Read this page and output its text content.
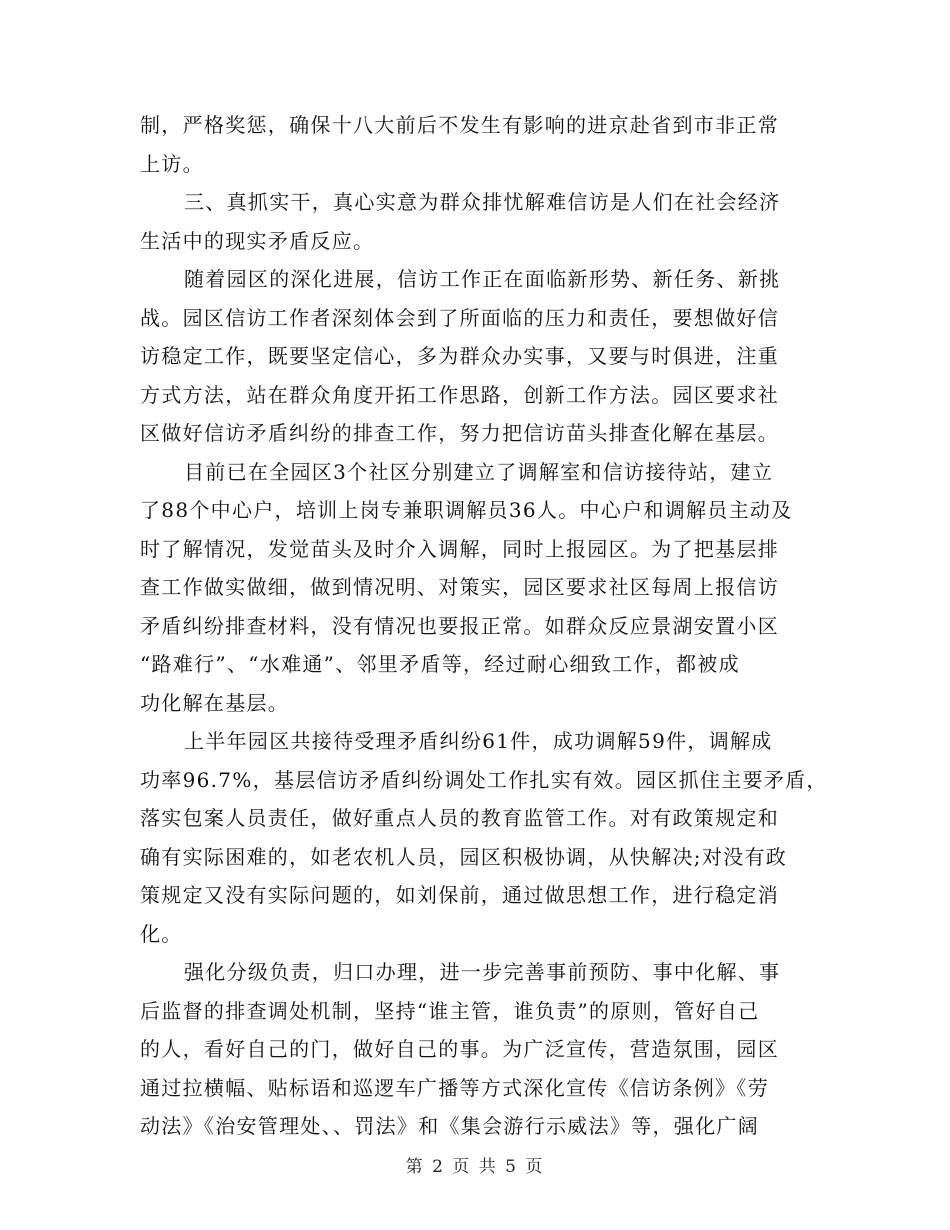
制，严格奖惩，确保十八大前后不发生有影响的进京赴省到市非正常
上访。
三、真抓实干，真心实意为群众排忧解难信访是人们在社会经济
生活中的现实矛盾反应。
随着园区的深化进展，信访工作正在面临新形势、新任务、新挑
战。园区信访工作者深刻体会到了所面临的压力和责任，要想做好信
访稳定工作，既要坚定信心，多为群众办实事，又要与时俱进，注重
方式方法，站在群众角度开拓工作思路，创新工作方法。园区要求社
区做好信访矛盾纠纷的排查工作，努力把信访苗头排查化解在基层。
目前已在全园区3个社区分别建立了调解室和信访接待站，建立
了88个中心户，培训上岗专兼职调解员36人。中心户和调解员主动及
时了解情况，发觉苗头及时介入调解，同时上报园区。为了把基层排
查工作做实做细，做到情况明、对策实，园区要求社区每周上报信访
矛盾纠纷排查材料，没有情况也要报正常。如群众反应景湖安置小区
“路难行”、“水难通”、邻里矛盾等，经过耐心细致工作，都被成
功化解在基层。
上半年园区共接待受理矛盾纠纷61件，成功调解59件，调解成
功率96.7%，基层信访矛盾纠纷调处工作扎实有效。园区抓住主要矛盾，
落实包案人员责任，做好重点人员的教育监管工作。对有政策规定和
确有实际困难的，如老农机人员，园区积极协调，从快解决;对没有政
策规定又没有实际问题的，如刘保前，通过做思想工作，进行稳定消
化。
强化分级负责，归口办理，进一步完善事前预防、事中化解、事
后监督的排查调处机制，坚持“谁主管，谁负责”的原则，管好自己
的人，看好自己的门，做好自己的事。为广泛宣传，营造氛围，园区
通过拉横幅、贴标语和巡逻车广播等方式深化宣传《信访条例》《劳
动法》《治安管理处、、罚法》和《集会游行示威法》等，强化广阔
第 2 页 共 5 页
